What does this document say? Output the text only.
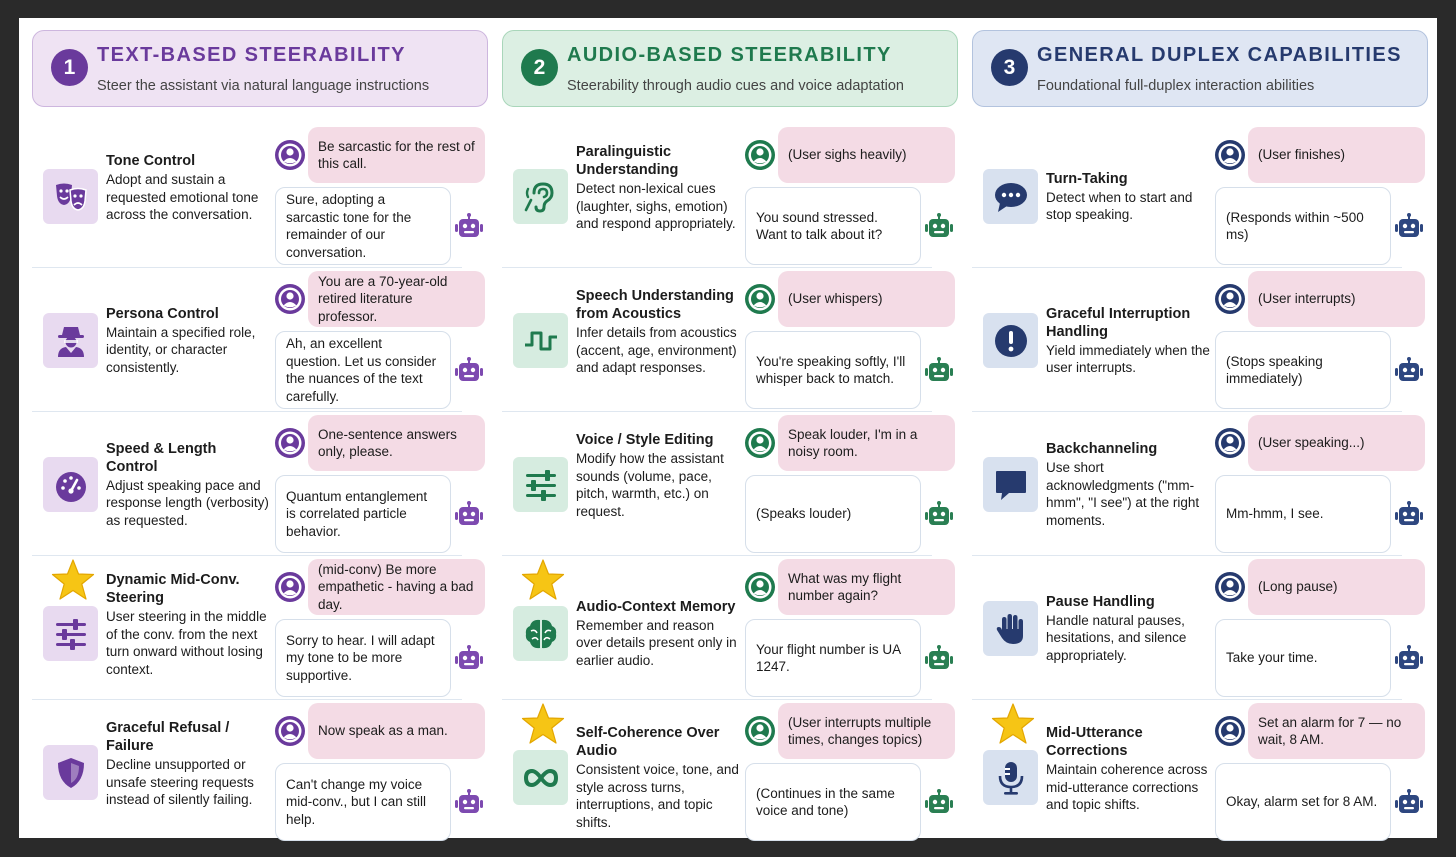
1
TEXT-BASED STEERABILITY
Steer the assistant via natural language instructions
Tone Control
Adopt and sustain a requested emotional tone across the conversation.
Be sarcastic for the rest of this call.
Sure, adopting a sarcastic tone for the remainder of our conversation.
Persona Control
Maintain a specified role, identity, or character consistently.
You are a 70-year-old retired literature professor.
Ah, an excellent question. Let us consider the nuances of the text carefully.
Speed & Length Control
Adjust speaking pace and response length (verbosity) as requested.
One-sentence answers only, please.
Quantum entanglement is correlated particle behavior.
Dynamic Mid-Conv. Steering
User steering in the middle of the conv. from the next turn onward without losing context.
(mid-conv) Be more empathetic - having a bad day.
Sorry to hear. I will adapt my tone to be more supportive.
Graceful Refusal / Failure
Decline unsupported or unsafe steering requests instead of silently failing.
Now speak as a man.
Can't change my voice mid-conv., but I can still help.
2
AUDIO-BASED STEERABILITY
Steerability through audio cues and voice adaptation
Paralinguistic Understanding
Detect non-lexical cues (laughter, sighs, emotion) and respond appropriately.
(User sighs heavily)
You sound stressed. Want to talk about it?
Speech Understanding from Acoustics
Infer details from acoustics (accent, age, environment) and adapt responses.
(User whispers)
You're speaking softly, I'll whisper back to match.
Voice / Style Editing
Modify how the assistant sounds (volume, pace, pitch, warmth, etc.) on request.
Speak louder, I'm in a noisy room.
(Speaks louder)
Audio-Context Memory
Remember and reason over details present only in earlier audio.
What was my flight number again?
Your flight number is UA 1247.
Self-Coherence Over Audio
Consistent voice, tone, and style across turns, interruptions, and topic shifts.
(User interrupts multiple times, changes topics)
(Continues in the same voice and tone)
3
GENERAL DUPLEX CAPABILITIES
Foundational full-duplex interaction abilities
Turn-Taking
Detect when to start and stop speaking.
(User finishes)
(Responds within ~500 ms)
Graceful Interruption Handling
Yield immediately when the user interrupts.
(User interrupts)
(Stops speaking immediately)
Backchanneling
Use short acknowledgments ("mm-hmm", "I see") at the right moments.
(User speaking...)
Mm-hmm, I see.
Pause Handling
Handle natural pauses, hesitations, and silence appropriately.
(Long pause)
Take your time.
Mid-Utterance Corrections
Maintain coherence across mid-utterance corrections and topic shifts.
Set an alarm for 7 — no wait, 8 AM.
Okay, alarm set for 8 AM.
